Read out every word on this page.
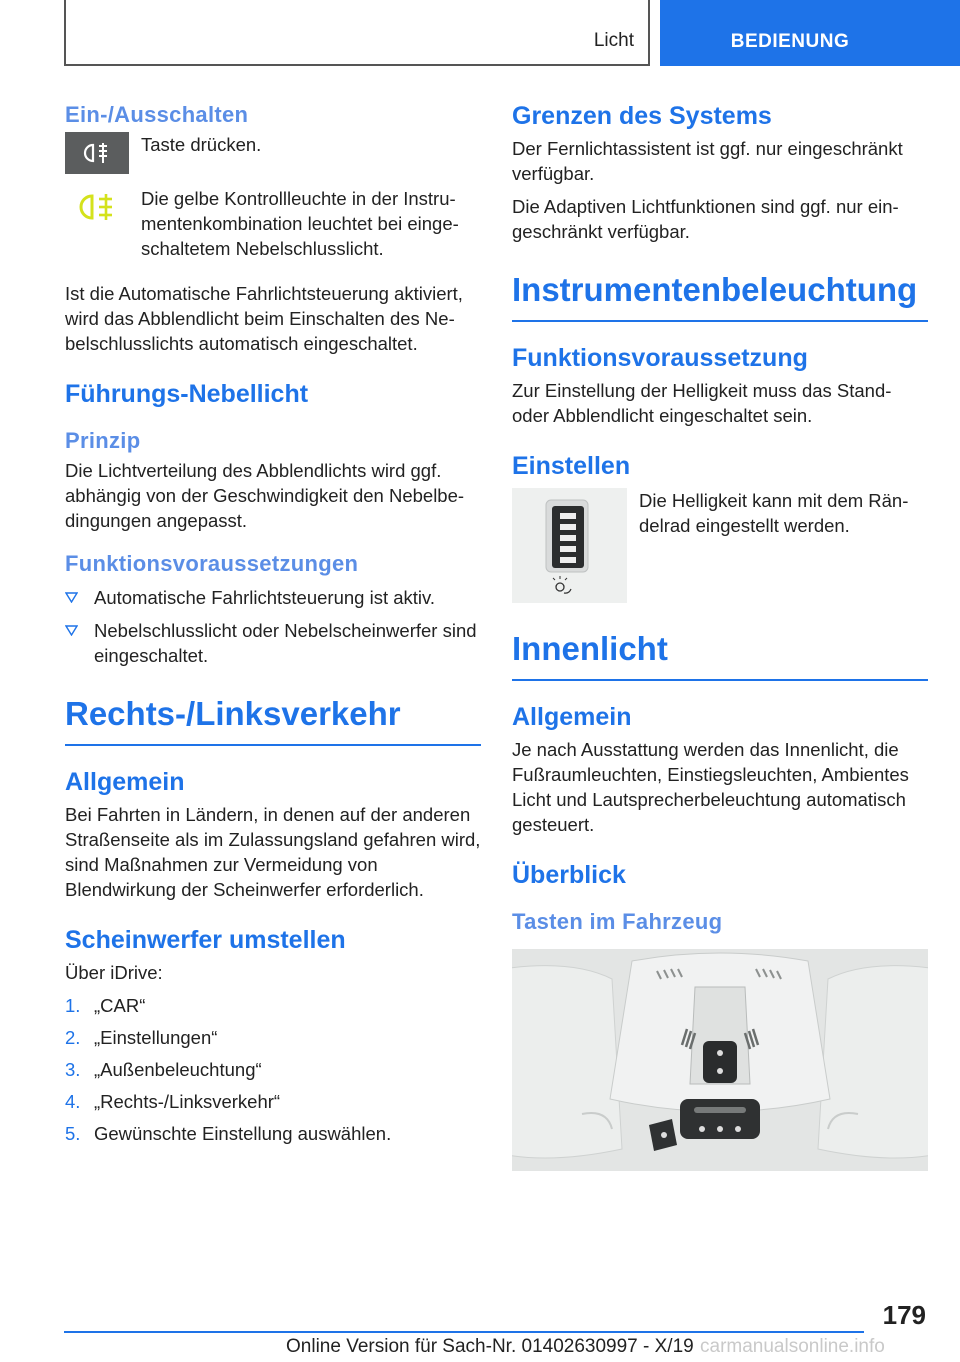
Licht	BEDIENUNG
Ein-/Ausschalten

Taste drücken.

Die gelbe Kontrollleuchte in der Instru-mentenkombination leuchtet bei einge-schaltetem Nebelschlusslicht.

Ist die Automatische Fahrlichtsteuerung aktiviert, wird das Abblendlicht beim Einschalten des Ne-belschlusslichts automatisch eingeschaltet.

Führungs-Nebellicht
Prinzip

Die Lichtverteilung des Abblendlichts wird ggf. abhängig von der Geschwindigkeit den Nebelbe-dingungen angepasst.

Funktionsvoraussetzungen
Automatische Fahrlichtsteuerung ist aktiv.
Nebelschlusslicht oder Nebelscheinwerfer sind eingeschaltet.
Rechts-/Linksverkehr
Allgemein

Bei Fahrten in Ländern, in denen auf der anderen Straßenseite als im Zulassungsland gefahren wird, sind Maßnahmen zur Vermeidung von Blendwirkung der Scheinwerfer erforderlich.

Scheinwerfer umstellen

Über iDrive:

1. „CAR“
2. „Einstellungen“
3. „Außenbeleuchtung“
4. „Rechts-/Linksverkehr“
5. Gewünschte Einstellung auswählen.
Grenzen des Systems

Der Fernlichtassistent ist ggf. nur eingeschränkt verfügbar.

Die Adaptiven Lichtfunktionen sind ggf. nur ein-geschränkt verfügbar.

Instrumentenbeleuchtung
Funktionsvoraussetzung

Zur Einstellung der Helligkeit muss das Stand-oder Abblendlicht eingeschaltet sein.

Einstellen

Die Helligkeit kann mit dem Rän-delrad eingestellt werden.

Innenlicht
Allgemein

Je nach Ausstattung werden das Innenlicht, die Fußraumleuchten, Einstiegsleuchten, Ambientes Licht und Lautsprecherbeleuchtung automatisch gesteuert.

Überblick
Tasten im Fahrzeug
179
Online Version für Sach-Nr. 01402630997 - X/19 carmanualsonline.info
